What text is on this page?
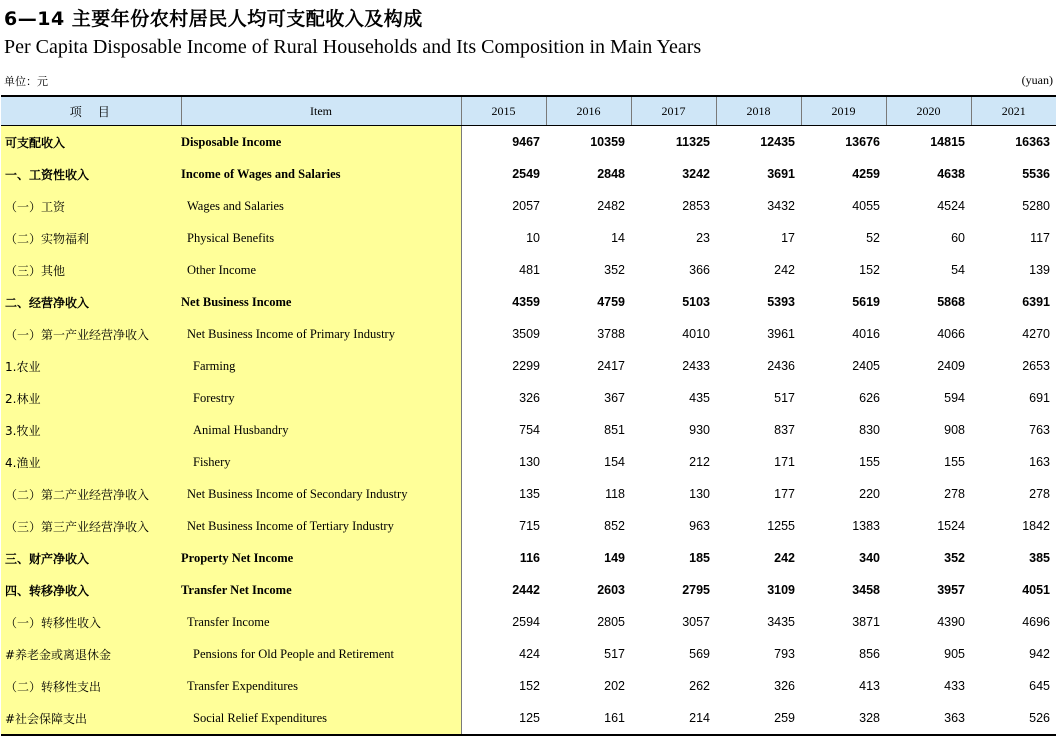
6—14 主要年份农村居民人均可支配收入及构成
Per Capita Disposable Income of Rural Households and Its Composition in Main Years
单位：元	(yuan)
项　目	Item	2015	2016	2017	2018	2019	2020	2021
可支配收入	Disposable Income	9467	10359	11325	12435	13676	14815	16363
一、工资性收入	Income of Wages and Salaries	2549	2848	3242	3691	4259	4638	5536
（一）工资	Wages and Salaries	2057	2482	2853	3432	4055	4524	5280
（二）实物福利	Physical Benefits	10	14	23	17	52	60	117
（三）其他	Other Income	481	352	366	242	152	54	139
二、经营净收入	Net Business Income	4359	4759	5103	5393	5619	5868	6391
（一）第一产业经营净收入	Net Business Income of Primary Industry	3509	3788	4010	3961	4016	4066	4270
1.农业	Farming	2299	2417	2433	2436	2405	2409	2653
2.林业	Forestry	326	367	435	517	626	594	691
3.牧业	Animal Husbandry	754	851	930	837	830	908	763
4.渔业	Fishery	130	154	212	171	155	155	163
（二）第二产业经营净收入	Net Business Income of Secondary Industry	135	118	130	177	220	278	278
（三）第三产业经营净收入	Net Business Income of Tertiary Industry	715	852	963	1255	1383	1524	1842
三、财产净收入	Property Net Income	116	149	185	242	340	352	385
四、转移净收入	Transfer Net Income	2442	2603	2795	3109	3458	3957	4051
（一）转移性收入	Transfer Income	2594	2805	3057	3435	3871	4390	4696
#养老金或离退休金	Pensions for Old People and Retirement	424	517	569	793	856	905	942
（二）转移性支出	Transfer Expenditures	152	202	262	326	413	433	645
#社会保障支出	Social Relief Expenditures	125	161	214	259	328	363	526
